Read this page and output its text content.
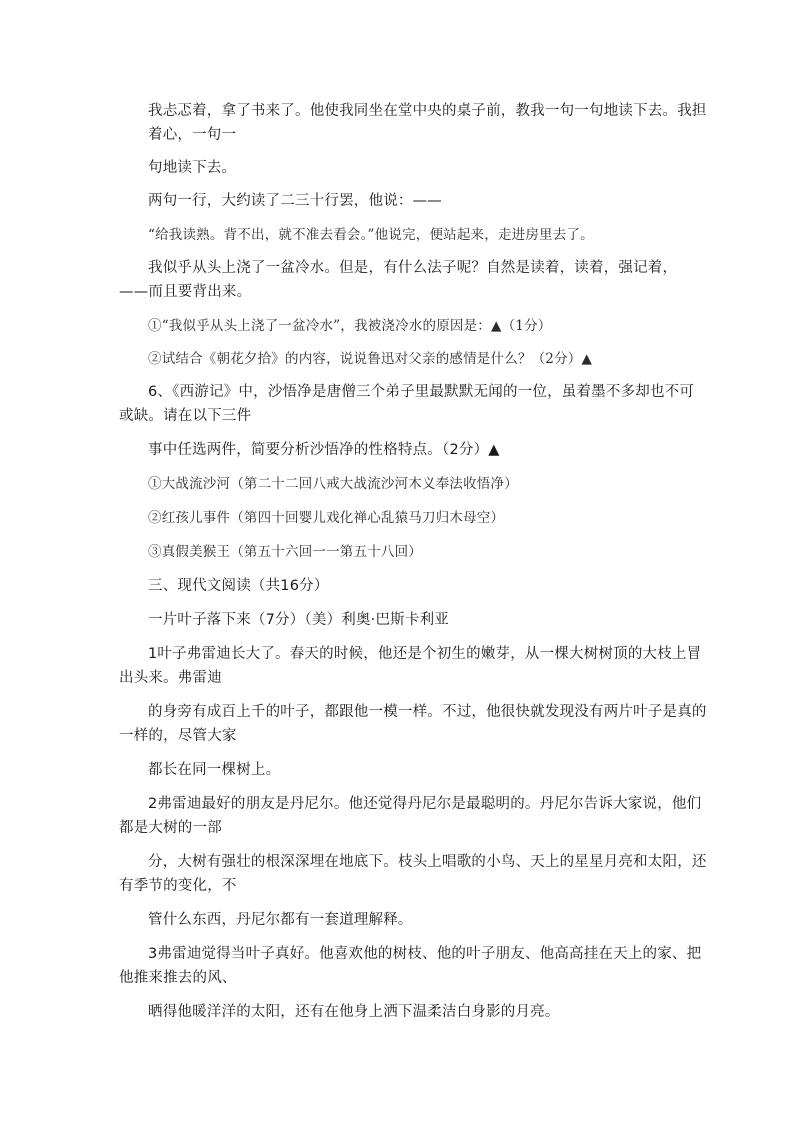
我忐忑着，拿了书来了。他使我同坐在堂中央的桌子前，教我一句一句地读下去。我担
着心，一句一
句地读下去。
两句一行，大约读了二三十行罢，他说：——
“给我读熟。背不出，就不准去看会。”他说完，便站起来，走进房里去了。
我似乎从头上浇了一盆冷水。但是，有什么法子呢？自然是读着，读着，强记着，
——而且要背出来。
①“我似乎从头上浇了一盆冷水”，我被浇冷水的原因是：▲（1分）
②试结合《朝花夕拾》的内容，说说鲁迅对父亲的感情是什么？（2分）▲
6、《西游记》中，沙悟净是唐僧三个弟子里最默默无闻的一位，虽着墨不多却也不可
或缺。请在以下三件
事中任选两件，简要分析沙悟净的性格特点。（2分）▲
①大战流沙河（第二十二回八戒大战流沙河木义奉法收悟净）
②红孩儿事件（第四十回婴儿戏化禅心乱猿马刀归木母空）
③真假美猴王（第五十六回一一第五十八回）
三、现代文阅读（共16分）
一片叶子落下来（7分）（美）利奥·巴斯卡利亚
1叶子弗雷迪长大了。春天的时候，他还是个初生的嫩芽，从一棵大树树顶的大枝上冒
出头来。弗雷迪
的身旁有成百上千的叶子，都跟他一模一样。不过，他很快就发现没有两片叶子是真的
一样的，尽管大家
都长在同一棵树上。
2弗雷迪最好的朋友是丹尼尔。他还觉得丹尼尔是最聪明的。丹尼尔告诉大家说，他们
都是大树的一部
分，大树有强壮的根深深埋在地底下。枝头上唱歌的小鸟、天上的星星月亮和太阳，还
有季节的变化，不
管什么东西，丹尼尔都有一套道理解释。
3弗雷迪觉得当叶子真好。他喜欢他的树枝、他的叶子朋友、他高高挂在天上的家、把
他推来推去的风、
晒得他暖洋洋的太阳，还有在他身上洒下温柔洁白身影的月亮。
